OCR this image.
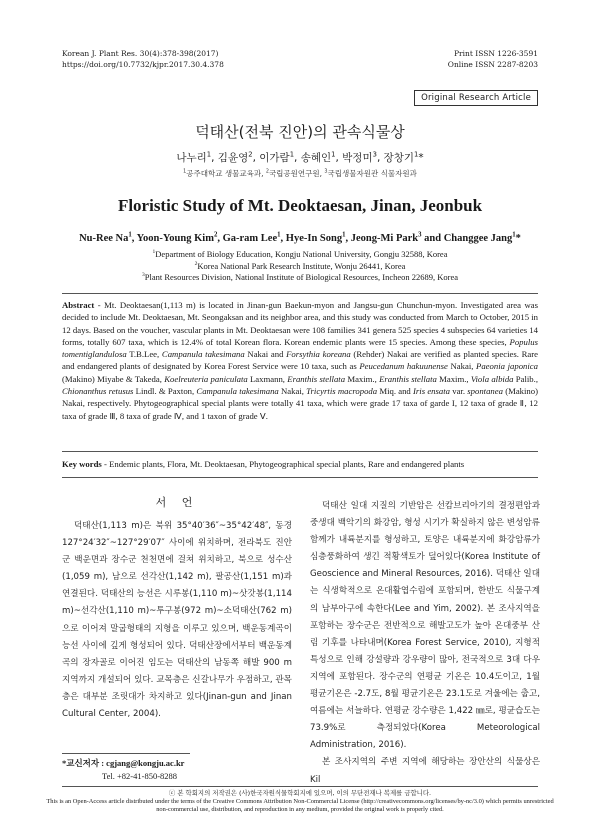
Korean J. Plant Res. 30(4):378-398(2017)
https://doi.org/10.7732/kjpr.2017.30.4.378
Print ISSN 1226-3591
Online ISSN 2287-8203
Original Research Article
덕태산(전북 진안)의 관속식물상
나누리$^1$, 김윤영$^2$, 이가람$^1$, 송혜인$^1$, 박정미$^3$, 장창기$^1$*
$^1$공주대학교 생물교육과, $^2$국립공원연구원, $^3$국립생물자원관 식물자원과
Floristic Study of Mt. Deoktaesan, Jinan, Jeonbuk
Nu-Ree Na$^1$, Yoon-Young Kim$^2$, Ga-ram Lee$^1$, Hye-In Song$^1$, Jeong-Mi Park$^3$ and Changgee Jang$^1$*
$^1$Department of Biology Education, Kongju National University, Gongju 32588, Korea
$^2$Korea National Park Research Institute, Wonju 26441, Korea
$^3$Plant Resources Division, National Institute of Biological Resources, Incheon 22689, Korea
Abstract - Mt. Deoktaesan(1,113 m) is located in Jinan-gun Baekun-myon and Jangsu-gun Chunchun-myon. Investigated area was decided to include Mt. Deoktaesan, Mt. Seongaksan and its neighbor area, and this study was conducted from March to October, 2015 in 12 days. Based on the voucher, vascular plants in Mt. Deoktaesan were 108 families 341 genera 525 species 4 subspecies 64 varieties 14 forms, totally 607 taxa, which is 12.4% of total Korean flora. Korean endemic plants were 15 species. Among these species, Populus tomentiglandulosa T.B.Lee, Campanula takesimana Nakai and Forsythia koreana (Rehder) Nakai are verified as planted species. Rare and endangered plants of designated by Korea Forest Service were 10 taxa, such as Peucedanum hakuunense Nakai, Paeonia japonica (Makino) Miyabe & Takeda, Koelreuteria paniculata Laxmann, Eranthis stellata Maxim., Eranthis stellata Maxim., Viola albida Palib., Chionanthus retusus Lindl. & Paxton, Campanula takesimana Nakai, Tricyrtis macropoda Miq. and Iris ensata var. spontanea (Makino) Nakai, respectively. Phytogeographical special plants were totally 41 taxa, which were grade 17 taxa of garde I, 12 taxa of grade Ⅱ, 12 taxa of grade Ⅲ, 8 taxa of grade Ⅳ, and 1 taxon of grade Ⅴ.
Key words - Endemic plants, Flora, Mt. Deoktaesan, Phytogeographical special plants, Rare and endangered plants
서 언
덕태산(1,113 m)은 북위 35°40′36″~35°42′48″, 동경 127°24′32″~127°29′07″ 사이에 위치하며, 전라북도 진안군 백운면과 장수군 천천면에 걸쳐 위치하고, 북으로 성수산(1,059 m), 남으로 선각산(1,142 m), 팔공산(1,151 m)과 연결된다. 덕태산의 능선은 시루봉(1,110 m)~삿갓봉(1,114 m)~선각산(1,110 m)~투구봉(972 m)~소덕태산(762 m)으로 이어져 말굽형태의 지형을 이루고 있으며, 백운동계곡이 능선 사이에 깊게 형성되어 있다. 덕태산장에서부터 백운동계곡의 장자골로 이어진 임도는 덕태산의 남동쪽 해발 900 m 지역까지 개설되어 있다. 교목층은 신갈나무가 우점하고, 관목층은 대부분 조릿대가 차지하고 있다(Jinan-gun and Jinan Cultural Center, 2004).
덕태산 일대 지질의 기반암은 선캄브리아기의 결정편암과 중생대 백악기의 화강암, 형성 시기가 확실하지 않은 변성암류 함께가 내륙분지를 형성하고, 토양은 내륙분지에 화강암류가 심층풍화하여 생긴 적황색토가 덮어있다(Korea Institute of Geoscience and Mineral Resources, 2016). 덕태산 일대는 식생학적으로 온대활엽수림에 포함되며, 한반도 식물구계의 남부아구에 속한다(Lee and Yim, 2002). 본 조사지역을 포함하는 장수군은 전반적으로 해발고도가 높아 온대중부 산림 기후를 나타내며(Korea Forest Service, 2010), 지형적 특성으로 인해 강설량과 강우량이 많아, 전국적으로 3대 다우지역에 포함된다. 장수군의 연평균 기온은 10.4도이고, 1월 평균기온은 -2.7도, 8월 평균기온은 23.1도로 겨울에는 춥고, 여름에는 서늘하다. 연평균 강수량은 1,422 ㎜로, 평균습도는 73.9%로 측정되었다(Korea Meteorological Administration, 2016).
본 조사지역의 주변 지역에 해당하는 장안산의 식물상은 Kil
*교신저자 : cgjang@kongju.ac.kr
Tel. +82-41-850-8288
ⓒ 본 학회지의 저작권은 (사)한국자원식물학회지에 있으며, 이의 무단전재나 복제를 금합니다.
This is an Open-Access article distributed under the terms of the Creative Commons Attribution Non-Commercial License (http://creativecommons.org/licenses/by-nc/3.0) which permits unrestricted non-commercial use, distribution, and reproduction in any medium, provided the original work is properly cited.
